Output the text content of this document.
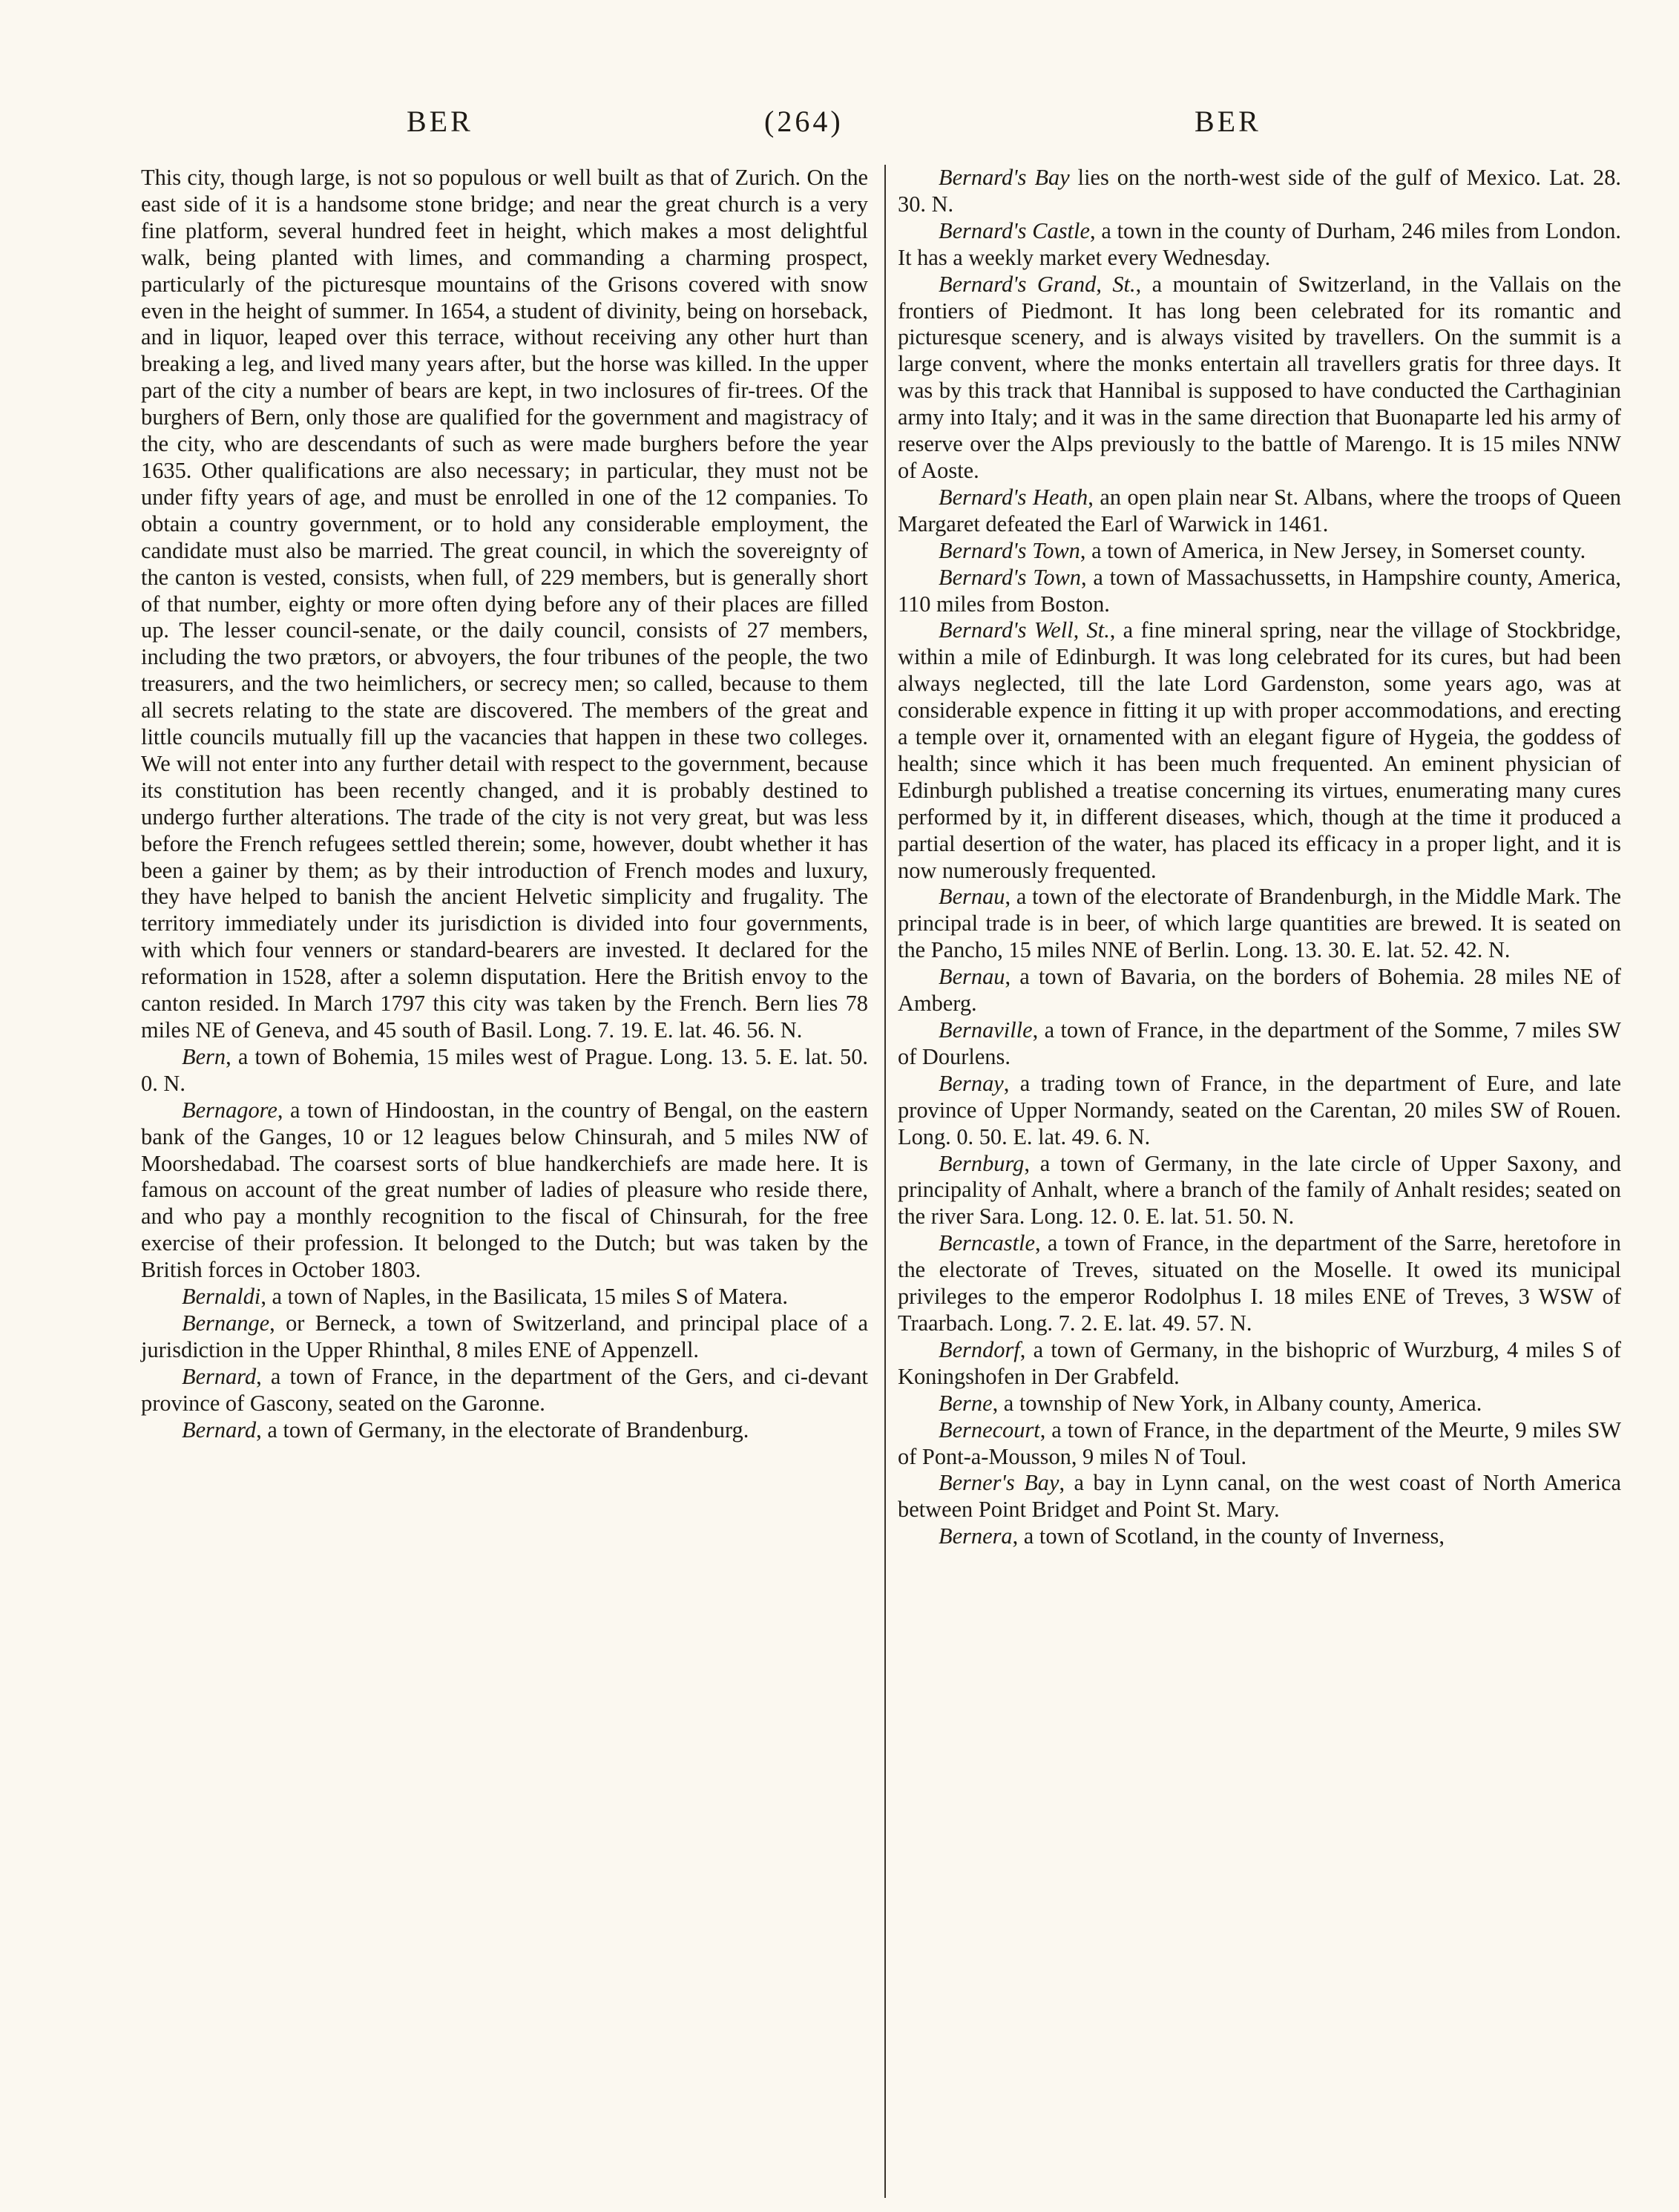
BER	(264)	BER

This city, though large, is not so populous or well built as that of Zurich. On the east side of it is a handsome stone bridge; and near the great church is a very fine platform, several hundred feet in height, which makes a most delightful walk, being planted with limes, and commanding a charming prospect, particularly of the picturesque mountains of the Grisons covered with snow even in the height of summer. In 1654, a student of divinity, being on horseback, and in liquor, leaped over this terrace, without receiving any other hurt than breaking a leg, and lived many years after, but the horse was killed. In the upper part of the city a number of bears are kept, in two inclosures of fir-trees. Of the burghers of Bern, only those are qualified for the government and magistracy of the city, who are descendants of such as were made burghers before the year 1635. Other qualifications are also necessary; in particular, they must not be under fifty years of age, and must be enrolled in one of the 12 companies. To obtain a country government, or to hold any considerable employment, the candidate must also be married. The great council, in which the sovereignty of the canton is vested, consists, when full, of 229 members, but is generally short of that number, eighty or more often dying before any of their places are filled up. The lesser council-senate, or the daily council, consists of 27 members, including the two prætors, or abvoyers, the four tribunes of the people, the two treasurers, and the two heimlichers, or secrecy men; so called, because to them all secrets relating to the state are discovered. The members of the great and little councils mutually fill up the vacancies that happen in these two colleges. We will not enter into any further detail with respect to the government, because its constitution has been recently changed, and it is probably destined to undergo further alterations. The trade of the city is not very great, but was less before the French refugees settled therein; some, however, doubt whether it has been a gainer by them; as by their introduction of French modes and luxury, they have helped to banish the ancient Helvetic simplicity and frugality. The territory immediately under its jurisdiction is divided into four governments, with which four venners or standard-bearers are invested. It declared for the reformation in 1528, after a solemn disputation. Here the British envoy to the canton resided. In March 1797 this city was taken by the French. Bern lies 78 miles NE of Geneva, and 45 south of Basil. Long. 7. 19. E. lat. 46. 56. N.

Bern, a town of Bohemia, 15 miles west of Prague. Long. 13. 5. E. lat. 50. 0. N.

Bernagore, a town of Hindoostan, in the country of Bengal, on the eastern bank of the Ganges, 10 or 12 leagues below Chinsurah, and 5 miles NW of Moorshedabad. The coarsest sorts of blue handkerchiefs are made here. It is famous on account of the great number of ladies of pleasure who reside there, and who pay a monthly recognition to the fiscal of Chinsurah, for the free exercise of their profession. It belonged to the Dutch; but was taken by the British forces in October 1803.

Bernaldi, a town of Naples, in the Basilicata, 15 miles S of Matera.

Bernange, or Berneck, a town of Switzerland, and principal place of a jurisdiction in the Upper Rhinthal, 8 miles ENE of Appenzell.

Bernard, a town of France, in the department of the Gers, and ci-devant province of Gascony, seated on the Garonne.

Bernard, a town of Germany, in the electorate of Brandenburg.

Bernard's Bay lies on the north-west side of the gulf of Mexico. Lat. 28. 30. N.

Bernard's Castle, a town in the county of Durham, 246 miles from London. It has a weekly market every Wednesday.

Bernard's Grand, St., a mountain of Switzerland, in the Vallais on the frontiers of Piedmont. It has long been celebrated for its romantic and picturesque scenery, and is always visited by travellers. On the summit is a large convent, where the monks entertain all travellers gratis for three days. It was by this track that Hannibal is supposed to have conducted the Carthaginian army into Italy; and it was in the same direction that Buonaparte led his army of reserve over the Alps previously to the battle of Marengo. It is 15 miles NNW of Aoste.

Bernard's Heath, an open plain near St. Albans, where the troops of Queen Margaret defeated the Earl of Warwick in 1461.

Bernard's Town, a town of America, in New Jersey, in Somerset county.

Bernard's Town, a town of Massachussetts, in Hampshire county, America, 110 miles from Boston.

Bernard's Well, St., a fine mineral spring, near the village of Stockbridge, within a mile of Edinburgh. It was long celebrated for its cures, but had been always neglected, till the late Lord Gardenston, some years ago, was at considerable expence in fitting it up with proper accommodations, and erecting a temple over it, ornamented with an elegant figure of Hygeia, the goddess of health; since which it has been much frequented. An eminent physician of Edinburgh published a treatise concerning its virtues, enumerating many cures performed by it, in different diseases, which, though at the time it produced a partial desertion of the water, has placed its efficacy in a proper light, and it is now numerously frequented.

Bernau, a town of the electorate of Brandenburgh, in the Middle Mark. The principal trade is in beer, of which large quantities are brewed. It is seated on the Pancho, 15 miles NNE of Berlin. Long. 13. 30. E. lat. 52. 42. N.

Bernau, a town of Bavaria, on the borders of Bohemia. 28 miles NE of Amberg.

Bernaville, a town of France, in the department of the Somme, 7 miles SW of Dourlens.

Bernay, a trading town of France, in the department of Eure, and late province of Upper Normandy, seated on the Carentan, 20 miles SW of Rouen. Long. 0. 50. E. lat. 49. 6. N.

Bernburg, a town of Germany, in the late circle of Upper Saxony, and principality of Anhalt, where a branch of the family of Anhalt resides; seated on the river Sara. Long. 12. 0. E. lat. 51. 50. N.

Berncastle, a town of France, in the department of the Sarre, heretofore in the electorate of Treves, situated on the Moselle. It owed its municipal privileges to the emperor Rodolphus I. 18 miles ENE of Treves, 3 WSW of Traarbach. Long. 7. 2. E. lat. 49. 57. N.

Berndorf, a town of Germany, in the bishopric of Wurzburg, 4 miles S of Koningshofen in Der Grabfeld.

Berne, a township of New York, in Albany county, America.

Bernecourt, a town of France, in the department of the Meurte, 9 miles SW of Pont-a-Mousson, 9 miles N of Toul.

Berner's Bay, a bay in Lynn canal, on the west coast of North America between Point Bridget and Point St. Mary.

Bernera, a town of Scotland, in the county of Inverness,
